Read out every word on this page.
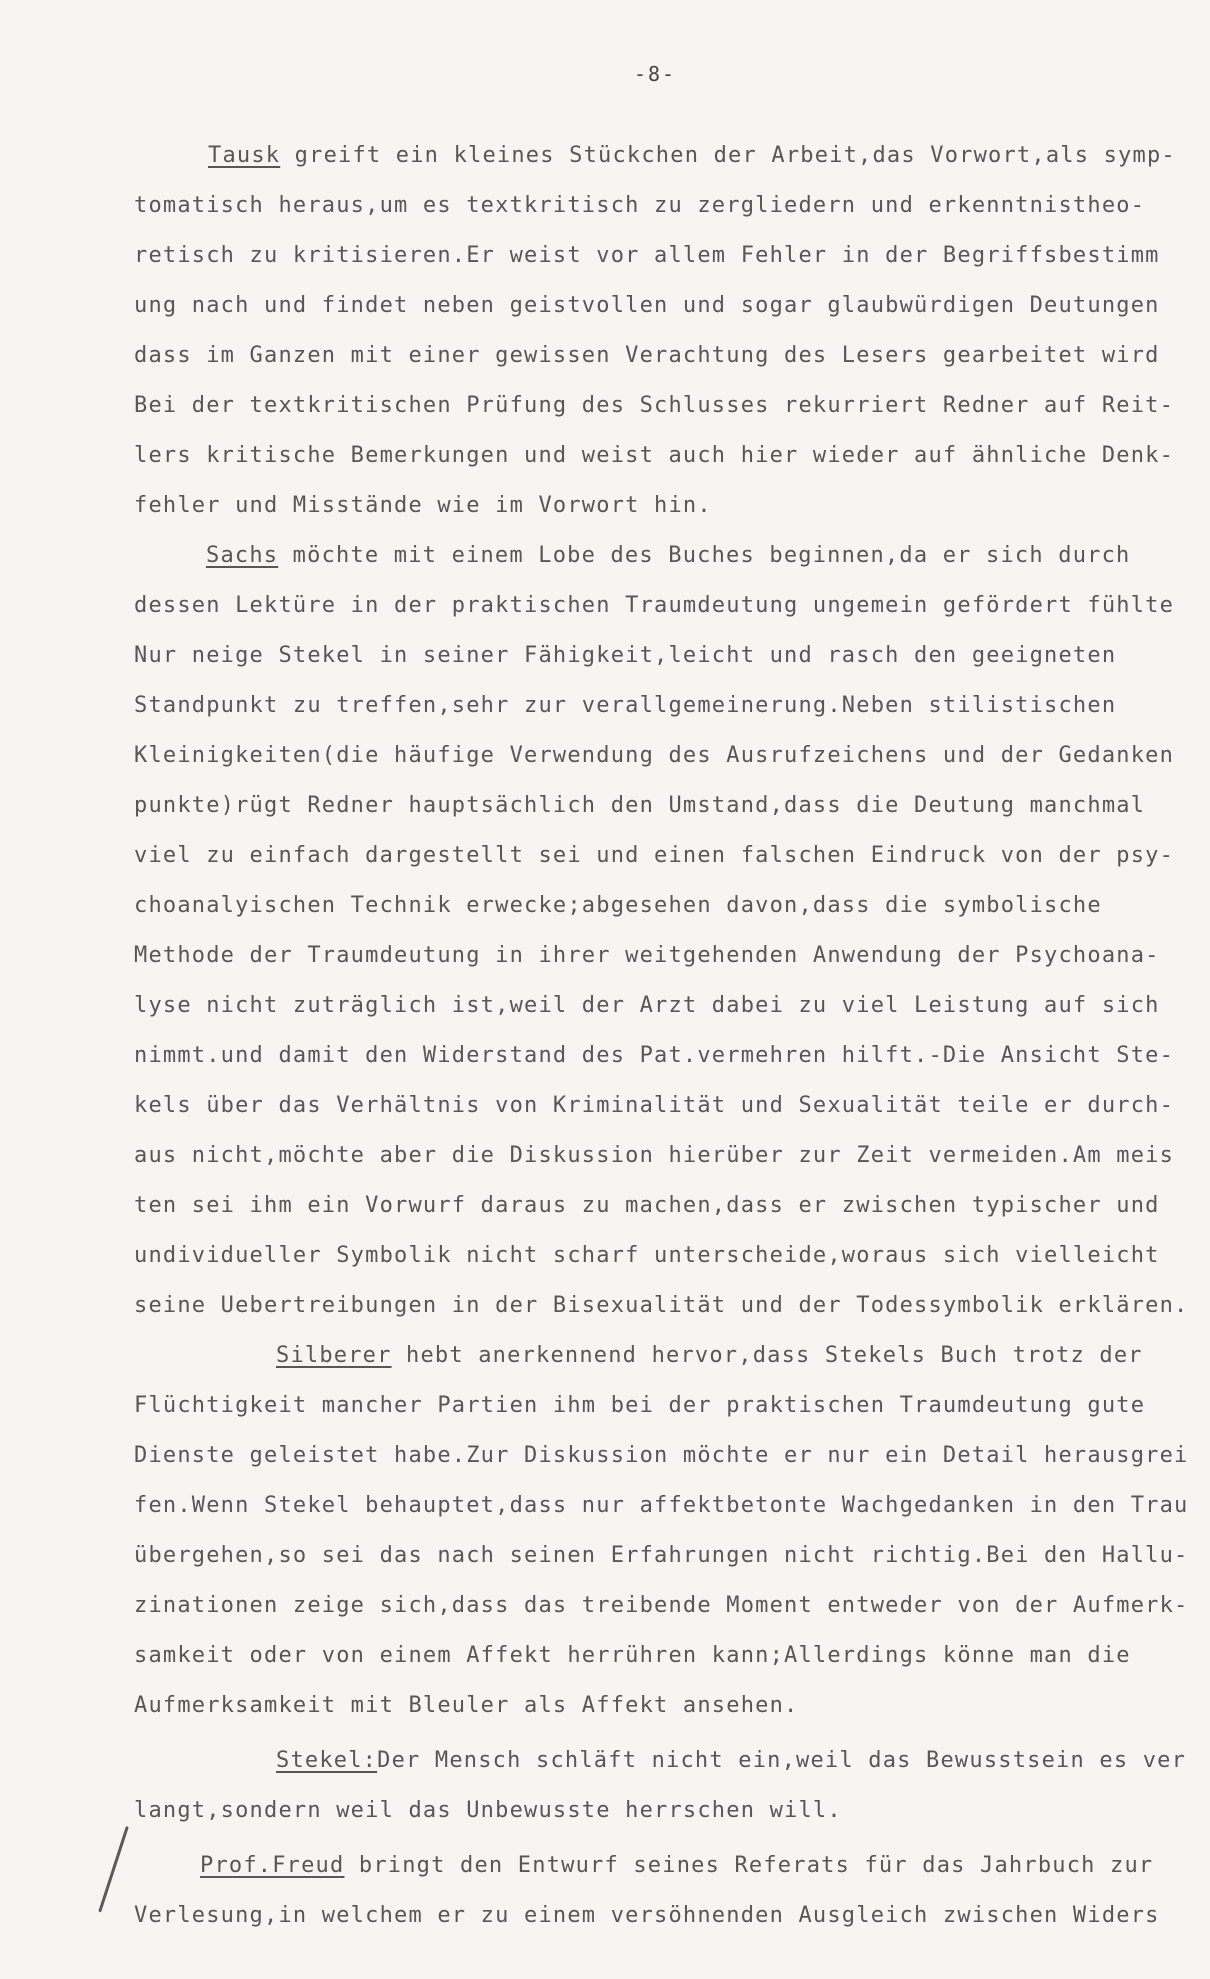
-8-
Tausk greift ein kleines Stückchen der Arbeit,das Vorwort,als symp-
tomatisch heraus,um es textkritisch zu zergliedern und erkenntnistheo-
retisch zu kritisieren.Er weist vor allem Fehler in der Begriffsbestimm
ung nach und findet neben geistvollen und sogar glaubwürdigen Deutungen
dass im Ganzen mit einer gewissen Verachtung des Lesers gearbeitet wird
Bei der textkritischen Prüfung des Schlusses rekurriert Redner auf Reit-
lers kritische Bemerkungen und weist auch hier wieder auf ähnliche Denk-
fehler und Misstände wie im Vorwort hin.
Sachs möchte mit einem Lobe des Buches beginnen,da er sich durch
dessen Lektüre in der praktischen Traumdeutung ungemein gefördert fühlte
Nur neige Stekel in seiner Fähigkeit,leicht und rasch den geeigneten
Standpunkt zu treffen,sehr zur verallgemeinerung.Neben stilistischen
Kleinigkeiten(die häufige Verwendung des Ausrufzeichens und der Gedanken
punkte)rügt Redner hauptsächlich den Umstand,dass die Deutung manchmal
viel zu einfach dargestellt sei und einen falschen Eindruck von der psy-
choanalyischen Technik erwecke;abgesehen davon,dass die symbolische
Methode der Traumdeutung in ihrer weitgehenden Anwendung der Psychoana-
lyse nicht zuträglich ist,weil der Arzt dabei zu viel Leistung auf sich
nimmt.und damit den Widerstand des Pat.vermehren hilft.-Die Ansicht Ste-
kels über das Verhältnis von Kriminalität und Sexualität teile er durch-
aus nicht,möchte aber die Diskussion hierüber zur Zeit vermeiden.Am meis
ten sei ihm ein Vorwurf daraus zu machen,dass er zwischen typischer und
undividueller Symbolik nicht scharf unterscheide,woraus sich vielleicht
seine Uebertreibungen in der Bisexualität und der Todessymbolik erklären.
Silberer hebt anerkennend hervor,dass Stekels Buch trotz der
Flüchtigkeit mancher Partien ihm bei der praktischen Traumdeutung gute
Dienste geleistet habe.Zur Diskussion möchte er nur ein Detail herausgrei
fen.Wenn Stekel behauptet,dass nur affektbetonte Wachgedanken in den Trau
übergehen,so sei das nach seinen Erfahrungen nicht richtig.Bei den Hallu-
zinationen zeige sich,dass das treibende Moment entweder von der Aufmerk-
samkeit oder von einem Affekt herrühren kann;Allerdings könne man die
Aufmerksamkeit mit Bleuler als Affekt ansehen.
Stekel:Der Mensch schläft nicht ein,weil das Bewusstsein es ver
langt,sondern weil das Unbewusste herrschen will.
Prof.Freud bringt den Entwurf seines Referats für das Jahrbuch zur
Verlesung,in welchem er zu einem versöhnenden Ausgleich zwischen Widers
